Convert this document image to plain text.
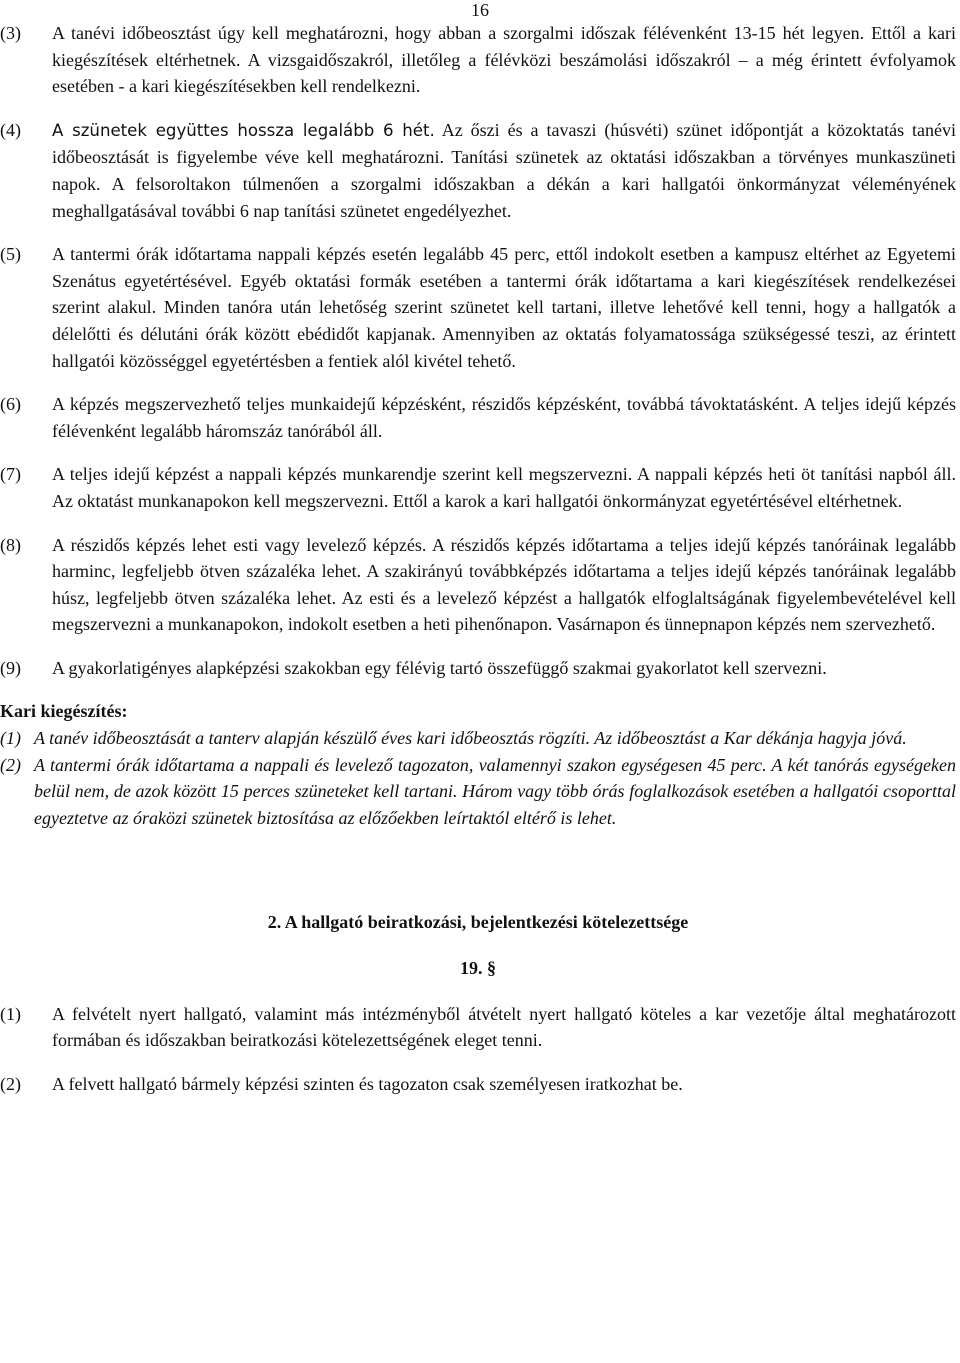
16

(3) A tanévi időbeosztást úgy kell meghatározni, hogy abban a szorgalmi időszak félévenként 13-15 hét legyen. Ettől a kari kiegészítések eltérhetnek. A vizsgaidőszakról, illetőleg a félévközi beszámolási időszakról – a még érintett évfolyamok esetében - a kari kiegészítésekben kell rendelkezni.

(4) A szünetek együttes hossza legalább 6 hét. Az őszi és a tavaszi (húsvéti) szünet időpontját a közoktatás tanévi időbeosztását is figyelembe véve kell meghatározni. Tanítási szünetek az oktatási időszakban a törvényes munkaszüneti napok. A felsoroltakon túlmenően a szorgalmi időszakban a dékán a kari hallgatói önkormányzat véleményének meghallgatásával további 6 nap tanítási szünetet engedélyezhet.

(5) A tantermi órák időtartama nappali képzés esetén legalább 45 perc, ettől indokolt esetben a kampusz eltérhet az Egyetemi Szenátus egyetértésével. Egyéb oktatási formák esetében a tantermi órák időtartama a kari kiegészítések rendelkezései szerint alakul. Minden tanóra után lehetőség szerint szünetet kell tartani, illetve lehetővé kell tenni, hogy a hallgatók a délelőtti és délutáni órák között ebédidőt kapjanak. Amennyiben az oktatás folyamatossága szükségessé teszi, az érintett hallgatói közösséggel egyetértésben a fentiek alól kivétel tehető.

(6) A képzés megszervezhető teljes munkaidejű képzésként, részidős képzésként, továbbá távoktatásként. A teljes idejű képzés félévenként legalább háromszáz tanórából áll.

(7) A teljes idejű képzést a nappali képzés munkarendje szerint kell megszervezni. A nappali képzés heti öt tanítási napból áll. Az oktatást munkanapokon kell megszervezni. Ettől a karok a kari hallgatói önkormányzat egyetértésével eltérhetnek.

(8) A részidős képzés lehet esti vagy levelező képzés. A részidős képzés időtartama a teljes idejű képzés tanóráinak legalább harminc, legfeljebb ötven százaléka lehet. A szakirányú továbbképzés időtartama a teljes idejű képzés tanóráinak legalább húsz, legfeljebb ötven százaléka lehet. Az esti és a levelező képzést a hallgatók elfoglaltságának figyelembevételével kell megszervezni a munkanapokon, indokolt esetben a heti pihenőnapon. Vasárnapon és ünnepnapon képzés nem szervezhető.

(9) A gyakorlatigényes alapképzési szakokban egy félévig tartó összefüggő szakmai gyakorlatot kell szervezni.

Kari kiegészítés:

(1) A tanév időbeosztását a tanterv alapján készülő éves kari időbeosztás rögzíti. Az időbeosztást a Kar dékánja hagyja jóvá.

(2) A tantermi órák időtartama a nappali és levelező tagozaton, valamennyi szakon egységesen 45 perc. A két tanórás egységeken belül nem, de azok között 15 perces szüneteket kell tartani. Három vagy több órás foglalkozások esetében a hallgatói csoporttal egyeztetve az óraközi szünetek biztosítása az előzőekben leírtaktól eltérő is lehet.

2. A hallgató beiratkozási, bejelentkezési kötelezettsége

19. §

(1) A felvételt nyert hallgató, valamint más intézményből átvételt nyert hallgató köteles a kar vezetője által meghatározott formában és időszakban beiratkozási kötelezettségének eleget tenni.

(2) A felvett hallgató bármely képzési szinten és tagozaton csak személyesen iratkozhat be.
